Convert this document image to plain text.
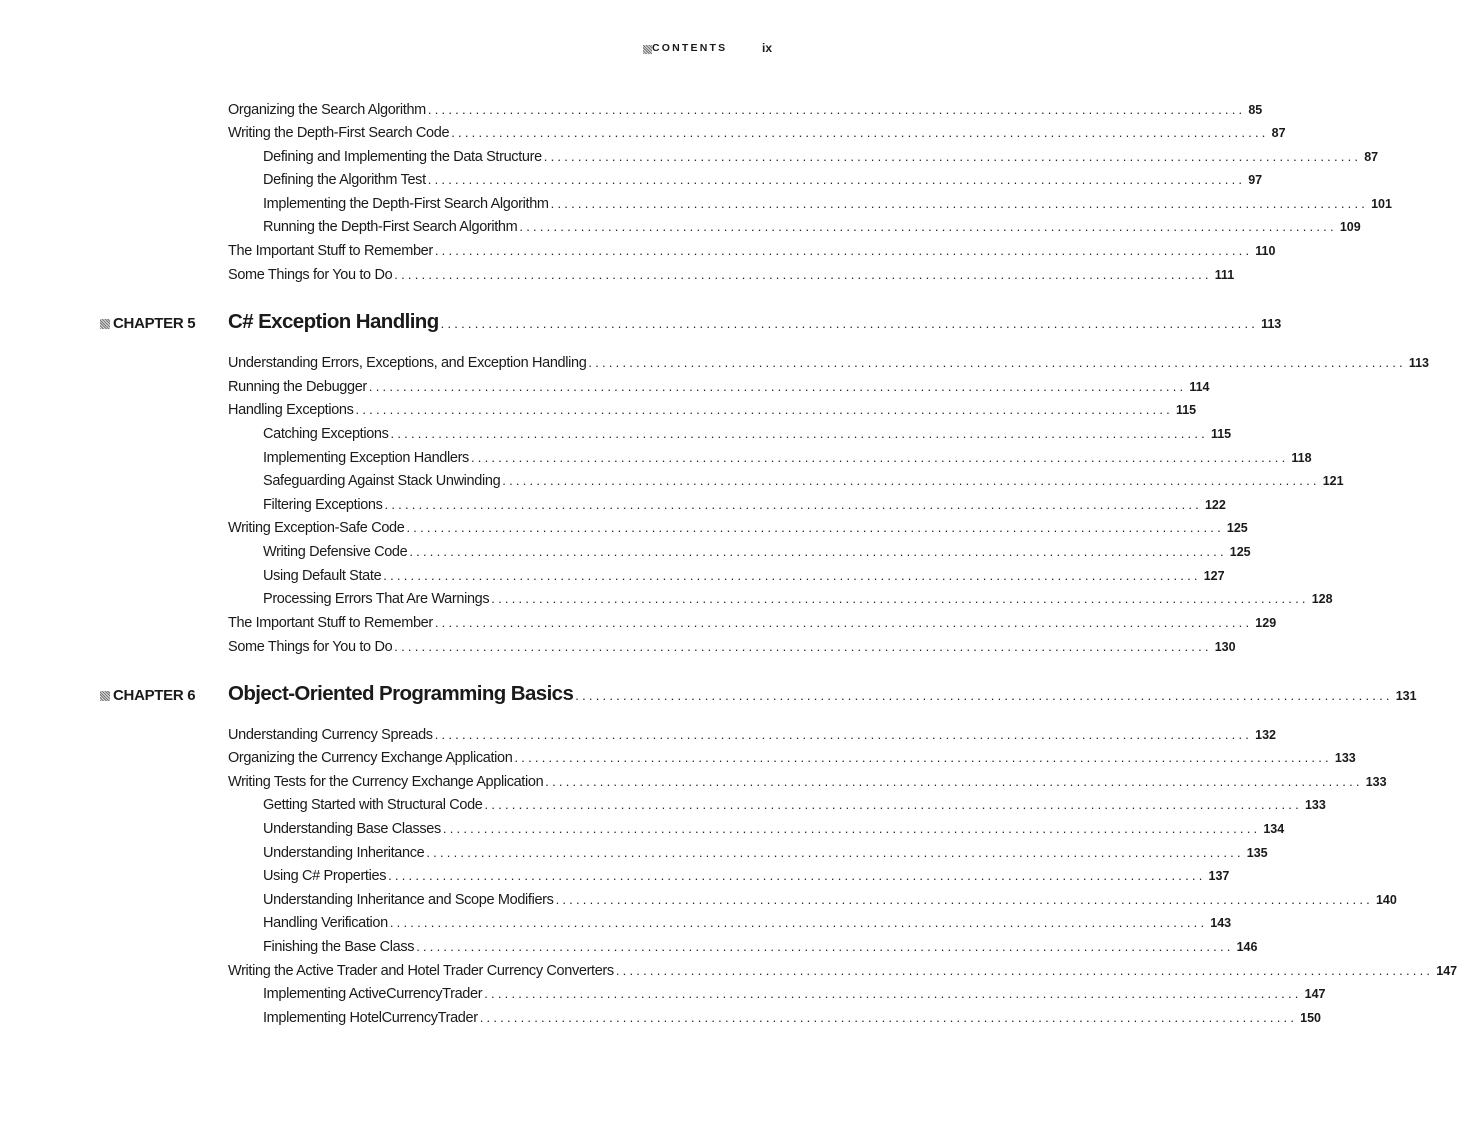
CONTENTS	ix
Organizing the Search Algorithm ........................................................................................................................ 85
Writing the Depth-First Search Code ........................................................................................................................ 87
Defining and Implementing the Data Structure ........................................................................................................................ 87
Defining the Algorithm Test ........................................................................................................................ 97
Implementing the Depth-First Search Algorithm ........................................................................................................................ 101
Running the Depth-First Search Algorithm ........................................................................................................................ 109
The Important Stuff to Remember ........................................................................................................................ 110
Some Things for You to Do ........................................................................................................................ 111
C# Exception Handling ........................................................................................................................ 113
CHAPTER 5
Understanding Errors, Exceptions, and Exception Handling ........................................................................................................................ 113
Running the Debugger ........................................................................................................................ 114
Handling Exceptions ........................................................................................................................ 115
Catching Exceptions ........................................................................................................................ 115
Implementing Exception Handlers ........................................................................................................................ 118
Safeguarding Against Stack Unwinding ........................................................................................................................ 121
Filtering Exceptions ........................................................................................................................ 122
Writing Exception-Safe Code ........................................................................................................................ 125
Writing Defensive Code ........................................................................................................................ 125
Using Default State ........................................................................................................................ 127
Processing Errors That Are Warnings ........................................................................................................................ 128
The Important Stuff to Remember ........................................................................................................................ 129
Some Things for You to Do ........................................................................................................................ 130
Object-Oriented Programming Basics ........................................................................................................................ 131
CHAPTER 6
Understanding Currency Spreads ........................................................................................................................ 132
Organizing the Currency Exchange Application ........................................................................................................................ 133
Writing Tests for the Currency Exchange Application ........................................................................................................................ 133
Getting Started with Structural Code ........................................................................................................................ 133
Understanding Base Classes ........................................................................................................................ 134
Understanding Inheritance ........................................................................................................................ 135
Using C# Properties ........................................................................................................................ 137
Understanding Inheritance and Scope Modifiers ........................................................................................................................ 140
Handling Verification ........................................................................................................................ 143
Finishing the Base Class ........................................................................................................................ 146
Writing the Active Trader and Hotel Trader Currency Converters ........................................................................................................................ 147
Implementing ActiveCurrencyTrader ........................................................................................................................ 147
Implementing HotelCurrencyTrader ........................................................................................................................ 150
